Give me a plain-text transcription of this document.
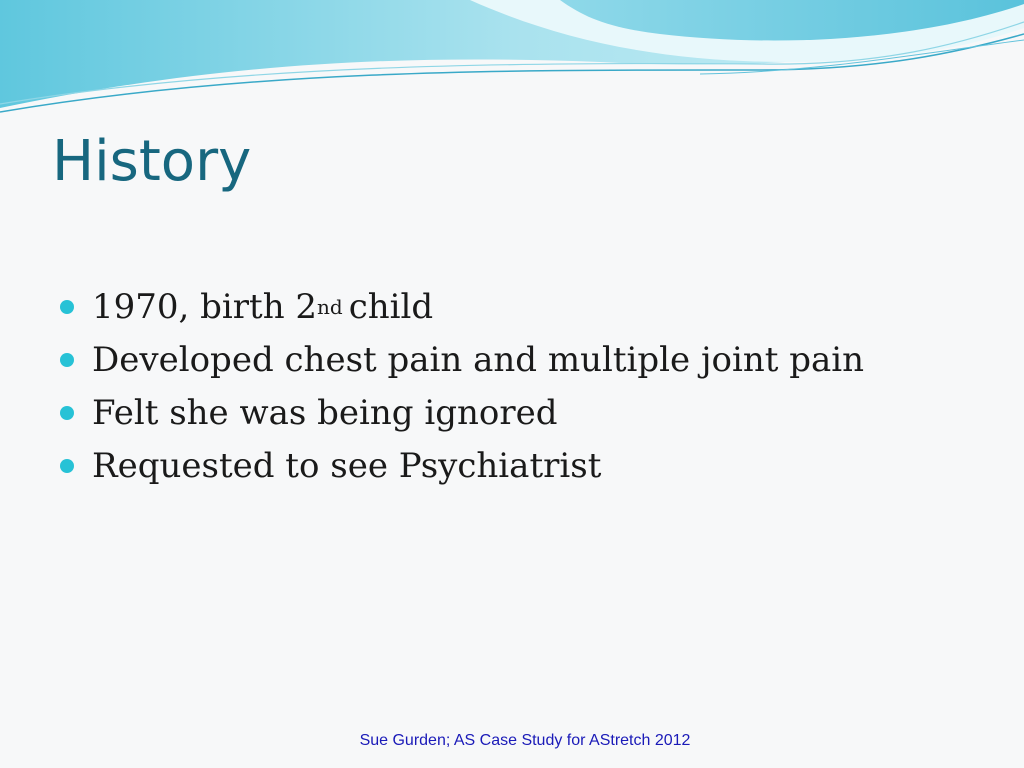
History
1970, birth 2 nd child
Developed chest pain and multiple joint pain
Felt she was being ignored
Requested to see Psychiatrist

Sue Gurden; AS Case Study for AStretch 2012
